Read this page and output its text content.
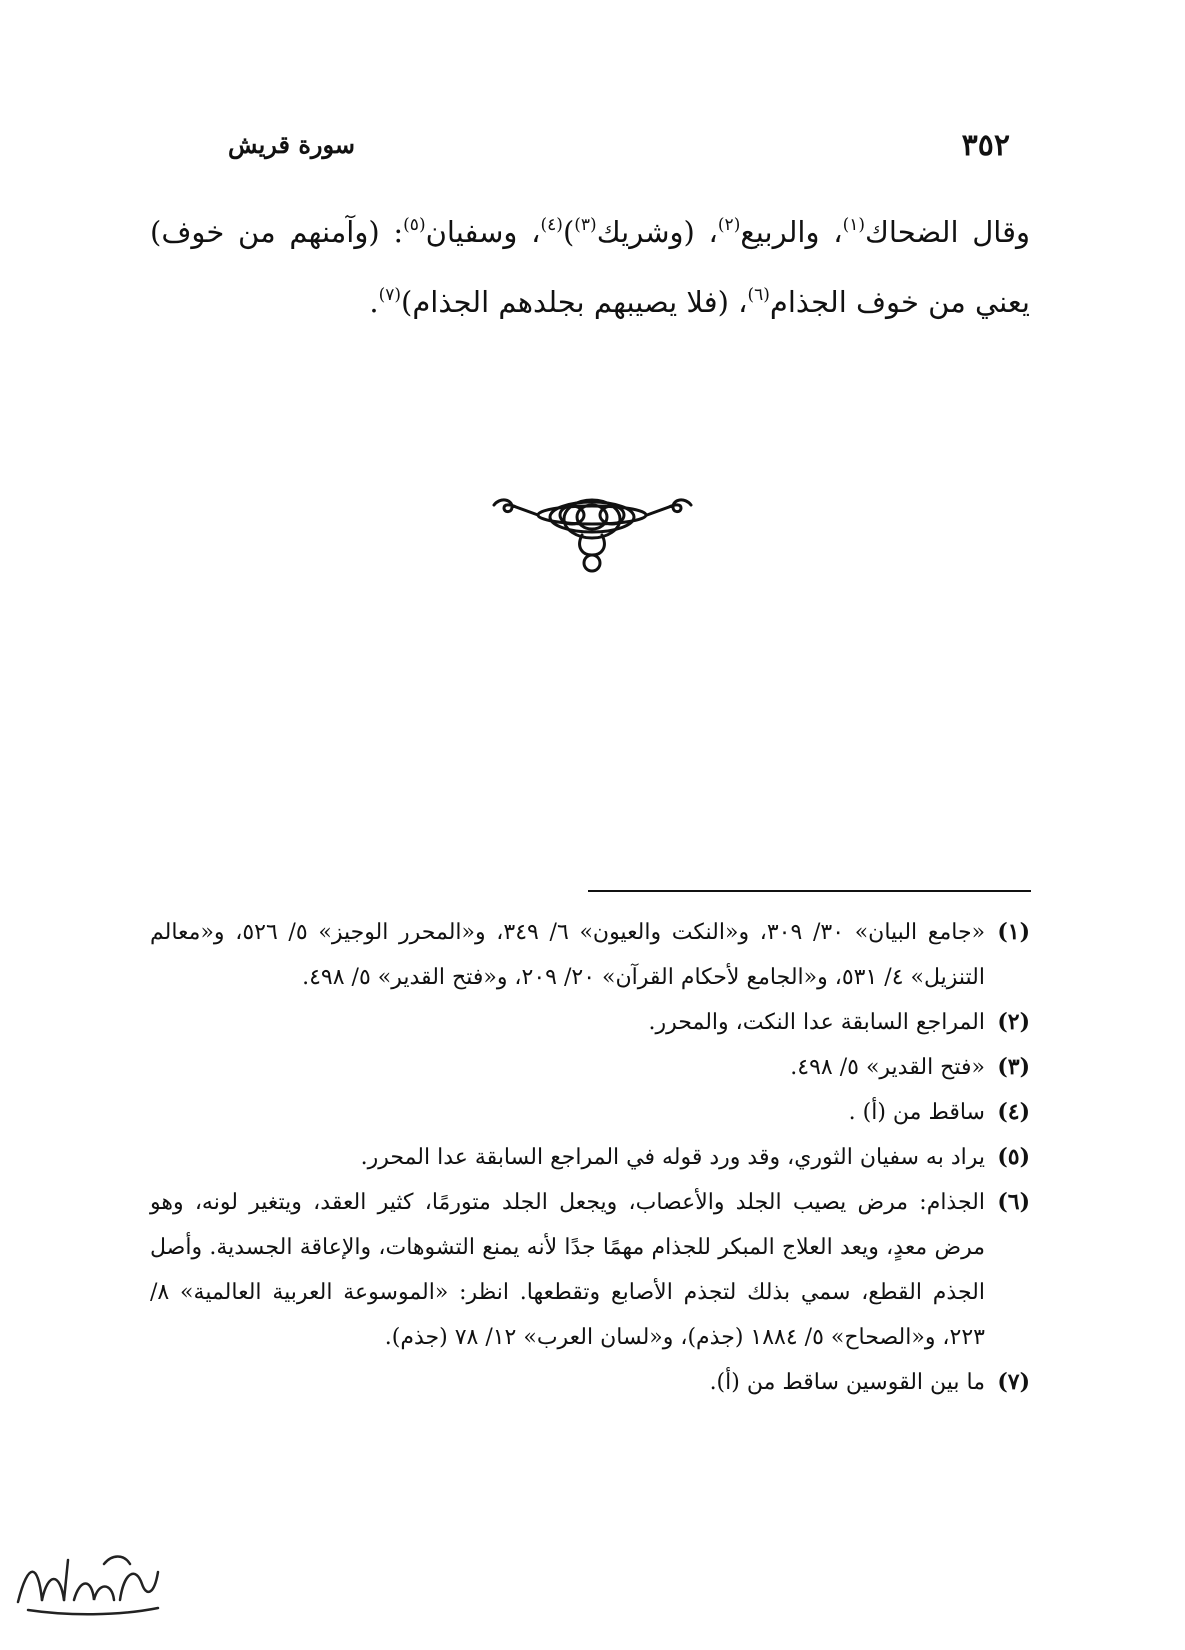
٣٥٢
سورة قريش
وقال الضحاك$^{(١)}$، والربيع$^{(٢)}$، (وشريك$^{(٣)}$)$^{(٤)}$، وسفيان$^{(٥)}$: (وآمنهم من خوف) يعني من خوف الجذام$^{(٦)}$، (فلا يصيبهم بجلدهم الجذام)$^{(٧)}$.
(١)
«جامع البيان» ٣٠/ ٣٠٩، و«النكت والعيون» ٦/ ٣٤٩، و«المحرر الوجيز» ٥/ ٥٢٦، و«معالم التنزيل» ٤/ ٥٣١، و«الجامع لأحكام القرآن» ٢٠/ ٢٠٩، و«فتح القدير» ٥/ ٤٩٨.
(٢)
المراجع السابقة عدا النكت، والمحرر.
(٣)
«فتح القدير» ٥/ ٤٩٨.
(٤)
ساقط من (أ) .
(٥)
يراد به سفيان الثوري، وقد ورد قوله في المراجع السابقة عدا المحرر.
(٦)
الجذام: مرض يصيب الجلد والأعصاب، ويجعل الجلد متورمًا، كثير العقد، ويتغير لونه، وهو مرض معدٍ، ويعد العلاج المبكر للجذام مهمًا جدًا لأنه يمنع التشوهات، والإعاقة الجسدية. وأصل الجذم القطع، سمي بذلك لتجذم الأصابع وتقطعها. انظر: «الموسوعة العربية العالمية» ٨/ ٢٢٣، و«الصحاح» ٥/ ١٨٨٤ (جذم)، و«لسان العرب» ١٢/ ٧٨ (جذم).
(٧)
ما بين القوسين ساقط من (أ).
